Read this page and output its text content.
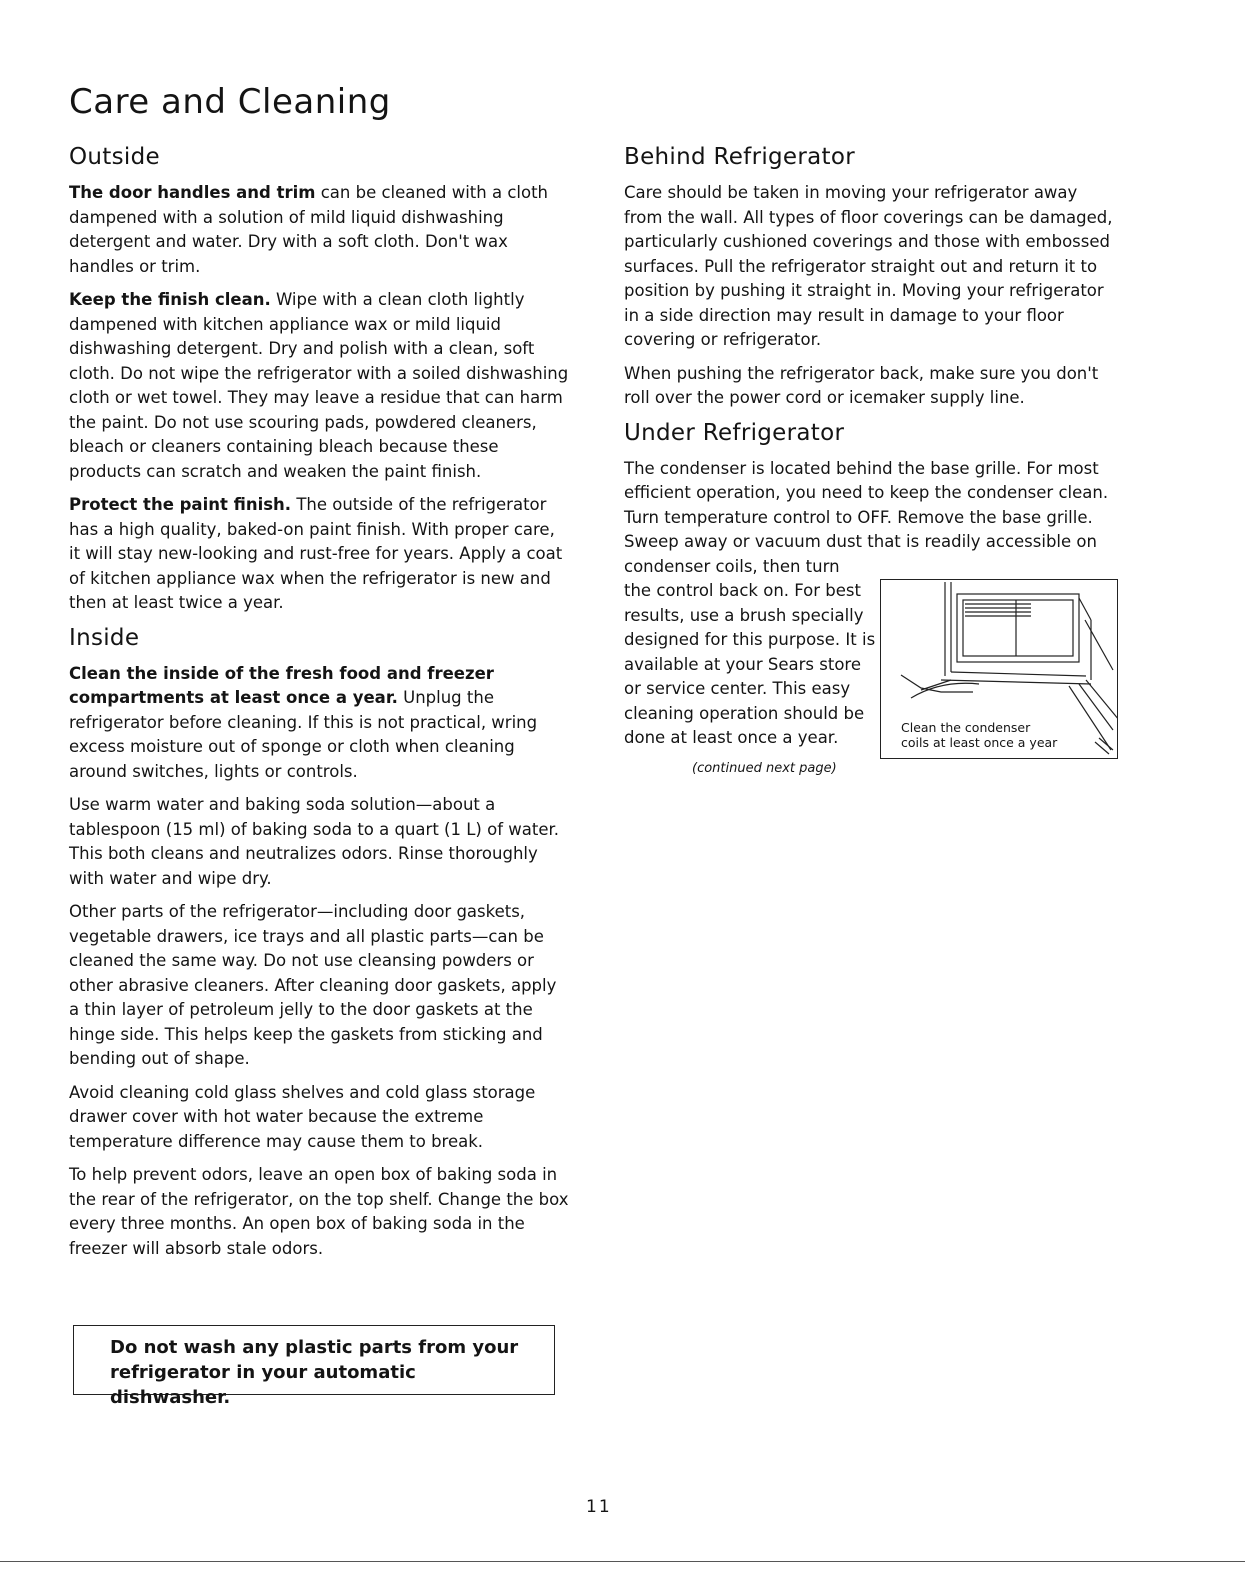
Care and Cleaning
Outside

The door handles and trim can be cleaned with a cloth dampened with a solution of mild liquid dishwashing detergent and water. Dry with a soft cloth. Don't wax handles or trim.

Keep the finish clean. Wipe with a clean cloth lightly dampened with kitchen appliance wax or mild liquid dishwashing detergent. Dry and polish with a clean, soft cloth. Do not wipe the refrigerator with a soiled dishwashing cloth or wet towel. They may leave a residue that can harm the paint. Do not use scouring pads, powdered cleaners, bleach or cleaners containing bleach because these products can scratch and weaken the paint finish.

Protect the paint finish. The outside of the refrigerator has a high quality, baked-on paint finish. With proper care, it will stay new-looking and rust-free for years. Apply a coat of kitchen appliance wax when the refrigerator is new and then at least twice a year.

Inside

Clean the inside of the fresh food and freezer compartments at least once a year. Unplug the refrigerator before cleaning. If this is not practical, wring excess moisture out of sponge or cloth when cleaning around switches, lights or controls.

Use warm water and baking soda solution—about a tablespoon (15 ml) of baking soda to a quart (1 L) of water. This both cleans and neutralizes odors. Rinse thoroughly with water and wipe dry.

Other parts of the refrigerator—including door gaskets, vegetable drawers, ice trays and all plastic parts—can be cleaned the same way. Do not use cleansing powders or other abrasive cleaners. After cleaning door gaskets, apply a thin layer of petroleum jelly to the door gaskets at the hinge side. This helps keep the gaskets from sticking and bending out of shape.

Avoid cleaning cold glass shelves and cold glass storage drawer cover with hot water because the extreme temperature difference may cause them to break.

To help prevent odors, leave an open box of baking soda in the rear of the refrigerator, on the top shelf. Change the box every three months. An open box of baking soda in the freezer will absorb stale odors.

Do not wash any plastic parts from your

refrigerator in your automatic dishwasher.

Behind Refrigerator

Care should be taken in moving your refrigerator away from the wall. All types of floor coverings can be damaged, particularly cushioned coverings and those with embossed surfaces. Pull the refrigerator straight out and return it to position by pushing it straight in. Moving your refrigerator in a side direction may result in damage to your floor covering or refrigerator.

When pushing the refrigerator back, make sure you don't roll over the power cord or icemaker supply line.

Under Refrigerator

The condenser is located behind the base grille. For most efficient operation, you need to keep the condenser clean. Turn temperature control to OFF. Remove the base grille. Sweep away or vacuum dust that is readily accessible on condenser coils, then turn

the control back on. For best results, use a brush specially designed for this purpose. It is available at your Sears store or service center. This easy cleaning operation should be done at least once a year.

Clean the condenser
coils at least once a year
(continued next page)
11
